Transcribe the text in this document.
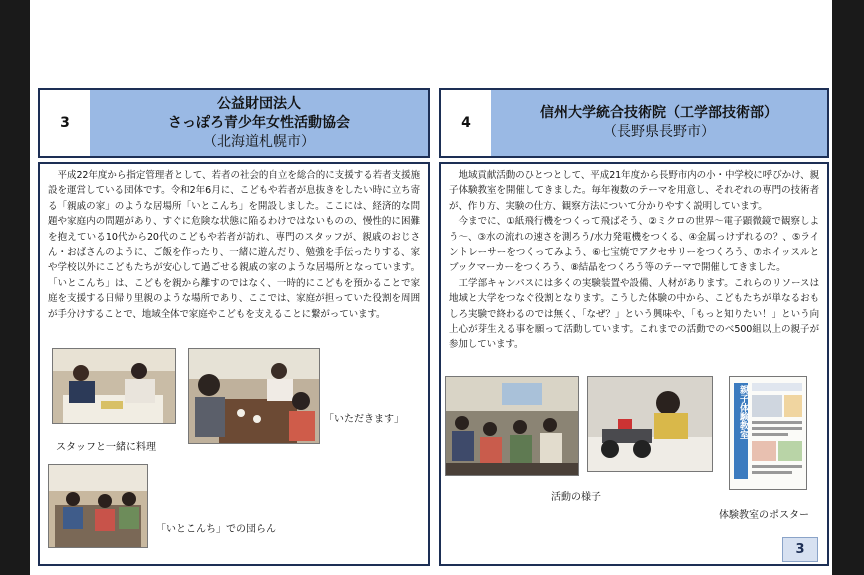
3
公益財団法人
さっぽろ青少年女性活動協会
（北海道札幌市）
4
信州大学統合技術院（工学部技術部）
（長野県長野市）

平成22年度から指定管理者として、若者の社会的自立を総合的に支援する若者支援施設を運営している団体です。令和2年6月に、こどもや若者が息抜きをしたい時に立ち寄る「親戚の家」のような居場所「いとこんち」を開設しました。ここには、経済的な問題や家庭内の問題があり、すぐに危険な状態に陥るわけではないものの、慢性的に困難を抱えている10代から20代のこどもや若者が訪れ、専門のスタッフが、親戚のおじさん・おばさんのように、ご飯を作ったり、一緒に遊んだり、勉強を手伝ったりする、家や学校以外にこどもたちが安心して過ごせる親戚の家のような居場所となっています。「いとこんち」は、こどもを親から離すのではなく、一時的にこどもを預かることで家庭を支援する日帰り里親のような場所であり、ここでは、家庭が担っていた役割を周囲が手分けすることで、地域全体で家庭やこどもを支えることに繋がっています。

スタッフと一緒に料理
「いただきます」
「いとこんち」での団らん

地域貢献活動のひとつとして、平成21年度から長野市内の小・中学校に呼びかけ、親子体験教室を開催してきました。毎年複数のテーマを用意し、それぞれの専門の技術者が、作り方、実験の仕方、観察方法について分かりやすく説明しています。

今までに、①紙飛行機をつくって飛ばそう、②ミクロの世界〜電子顕微鏡で観察しよう〜、③水の流れの速さを測ろう/水力発電機をつくる、④金属っけずれるの？、⑤ライントレーサーをつくってみよう、⑥七宝焼でアクセサリーをつくろう、⑦ホイッスルとブックマーカーをつくろう、⑧結晶をつくろう等のテーマで開催してきました。

工学部キャンパスには多くの実験装置や設備、人材があります。これらのリソースは地域と大学をつなぐ役割となります。こうした体験の中から、こどもたちが単なるおもしろ実験で終わるのでは無く、「なぜ？」という興味や、「もっと知りたい！」という向上心が芽生える事を願って活動しています。これまでの活動でのべ500組以上の親子が参加しています。

親子体験教室
活動の様子
体験教室のポスター
3
